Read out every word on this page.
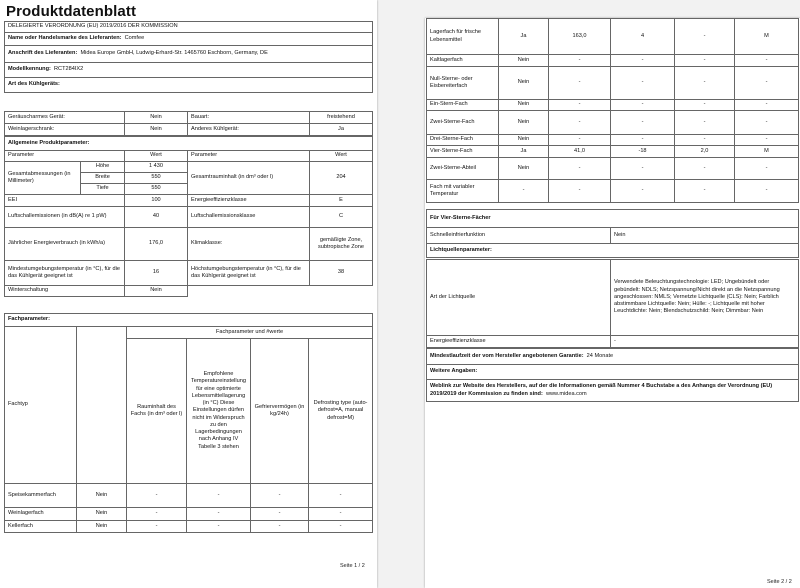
Produktdatenblatt
DELEGIERTE VERORDNUNG (EU) 2019/2016 DER KOMMISSION
Name oder Handelsmarke des Lieferanten: Comfee
Anschrift des Lieferanten: Midea Europe GmbH, Ludwig-Erhard-Str. 1465760 Eschborn, Germany, DE
Modellkennung: RCT284IX2
Art des Kühlgeräts:
Geräuscharmes Gerät:	Nein	Bauart:	freistehend
Weinlagerschrank:	Nein	Anderes Kühlgerät:	Ja
Allgemeine Produktparameter:				
Parameter		Wert	Parameter	Wert
Gesamtabmessungen (in Millimeter)	Höhe	1 430	Gesamtrauminhalt (in dm³ oder l)	204
	Breite	550		
	Tiefe	550		
EEI		100	Energieeffizienzklasse	E
Luftschallemissionen (in dB(A) re 1 pW)		40	Luftschallemissionsklasse	C
Jährlicher Energieverbrauch (in kWh/a)		176,0	Klimaklasse:	gemäßigte Zone, subtropische Zone
Mindestumgebungstemperatur (in °C), für die das Kühlgerät geeignet ist		16	Höchstumgebungstemperatur (in °C), für die das Kühlgerät geeignet ist	38
Winterschaltung		Nein		
Fachparameter:					
Fachtyp		Fachparameter und #werte			
		Rauminhalt des Fachs (in dm³ oder l)	Empfohlene Temperatureinstellung für eine optimierte Lebensmittellagerung (in °C) Diese Einstellungen dürfen nicht im Widerspruch zu den Lagerbedingungen nach Anhang IV Tabelle 3 stehen	Gefriervermögen (in kg/24h)	Defrosting type (auto-defrost=A, manual defrost=M)
Speisekammerfach	Nein	-	-	-	-
Weinlagerfach	Nein	-	-	-	-
Kellerfach	Nein	-	-	-	-
Seite 1 / 2
Lagerfach für frische Lebensmittel	Ja	163,0	4	-	M
Kaltlagerfach	Nein	-	-	-	-
Null-Sterne- oder Eisbereiterfach	Nein	-	-	-	-
Ein-Stern-Fach	Nein	-	-	-	-
Zwei-Sterne-Fach	Nein	-	-	-	-
Drei-Sterne-Fach	Nein	-	-	-	-
Vier-Sterne-Fach	Ja	41,0	-18	2,0	M
Zwei-Sterne-Abteil	Nein	-	-	-	-
Fach mit variabler Temperatur	-	-	-	-	-
Für Vier-Sterne-Fächer
Schnelleinfrierfunktion	Nein
Lichtquellenparameter:
Art der Lichtquelle	Verwendete Beleuchtungstechnologie: LED; Ungebündelt oder gebündelt: NDLS; Netzspannung/Nicht direkt an die Netzspannung angeschlossen: NMLS; Vernetzte Lichtquelle (CLS): Nein; Farblich abstimmbare Lichtquelle: Nein; Hülle: -; Lichtquelle mit hoher Leuchtdichte: Nein; Blendschutzschild: Nein; Dimmbar: Nein
Energieeffizienzklasse	-
Mindestlaufzeit der vom Hersteller angebotenen Garantie: 24 Monate
Weitere Angaben:
Weblink zur Website des Herstellers, auf der die Informationen gemäß Nummer 4 Buchstabe a des Anhangs der Verordnung (EU) 2019/2019 der Kommission zu finden sind: www.midea.com
Seite 2 / 2
